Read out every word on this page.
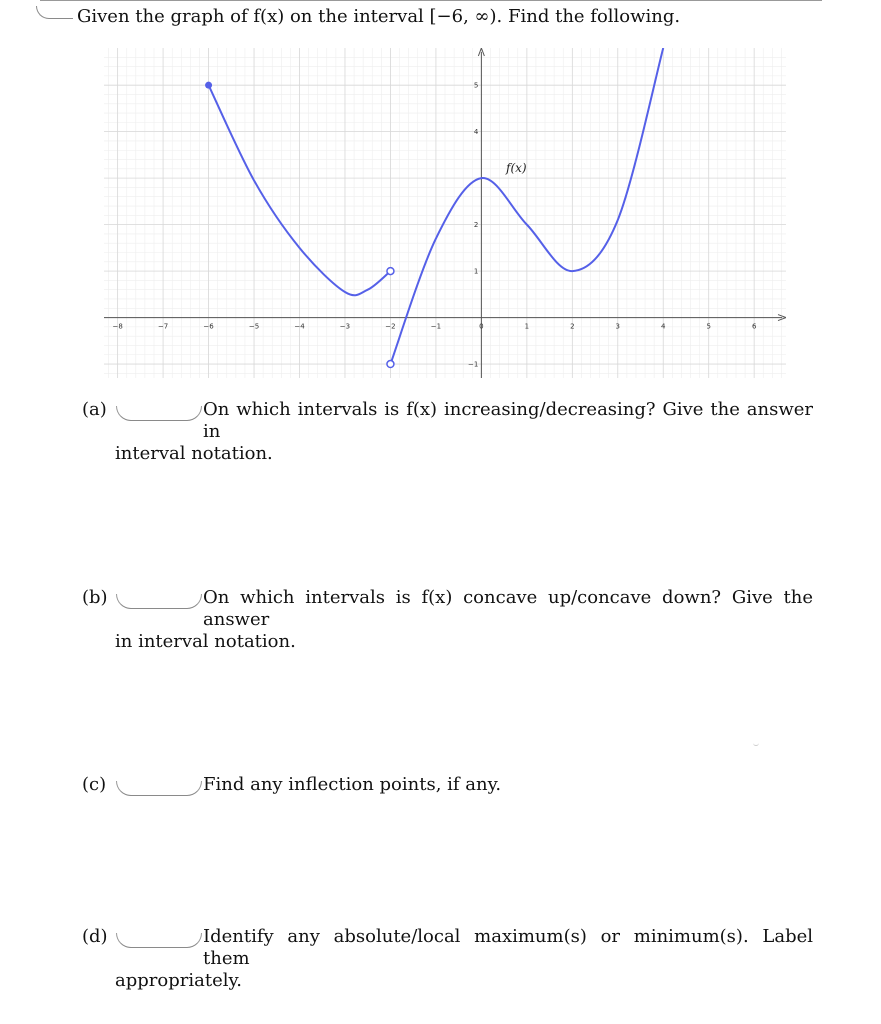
Given the graph of f(x) on the interval [−6, ∞). Find the following.
−8	−7	−6	−5	−4	−3	−2	−1	0	1	2	3	4	5	6
5
4
2
1
−1
f(x)
(a)	On which intervals is f(x) increasing/decreasing? Give the answer in
interval notation.
(b)	On which intervals is f(x) concave up/concave down? Give the answer
in interval notation.
(c)	Find any inflection points, if any.
(d)	Identify any absolute/local maximum(s) or minimum(s). Label them
appropriately.
